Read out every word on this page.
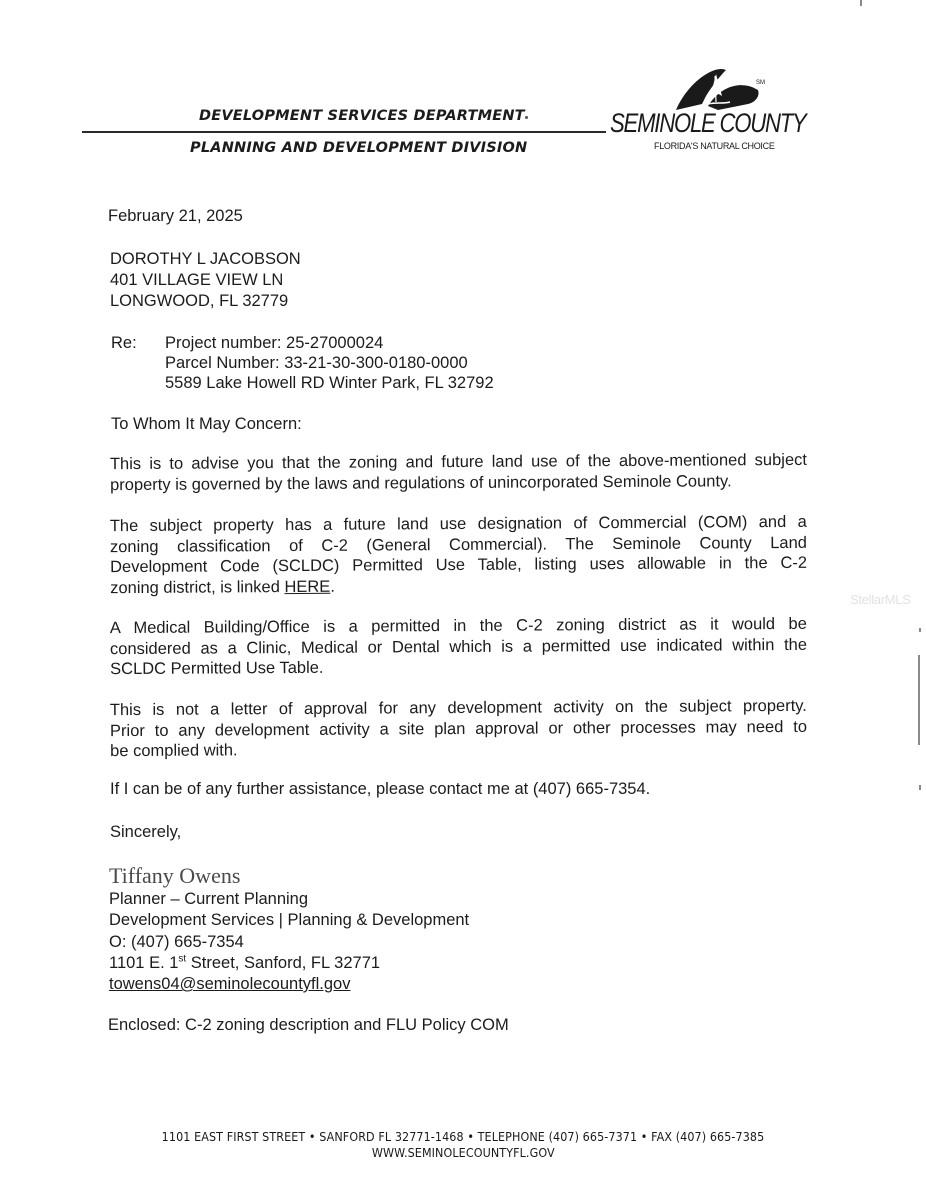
DEVELOPMENT SERVICES DEPARTMENT
PLANNING AND DEVELOPMENT DIVISION
SM
SEMINOLE COUNTY
FLORIDA'S NATURAL CHOICE
February 21, 2025
DOROTHY L JACOBSON
401 VILLAGE VIEW LN
LONGWOOD, FL 32779
Re: Project number: 25-27000024
Parcel Number: 33-21-30-300-0180-0000
5589 Lake Howell RD Winter Park, FL 32792
To Whom It May Concern:
This is to advise you that the zoning and future land use of the above-mentioned subject
property is governed by the laws and regulations of unincorporated Seminole County.
The subject property has a future land use designation of Commercial (COM) and a
zoning classification of C-2 (General Commercial). The Seminole County Land
Development Code (SCLDC) Permitted Use Table, listing uses allowable in the C-2
zoning district, is linked HERE.
A Medical Building/Office is a permitted in the C-2 zoning district as it would be
considered as a Clinic, Medical or Dental which is a permitted use indicated within the
SCLDC Permitted Use Table.
This is not a letter of approval for any development activity on the subject property.
Prior to any development activity a site plan approval or other processes may need to
be complied with.
If I can be of any further assistance, please contact me at (407) 665-7354.
Sincerely,
Tiffany Owens
Planner – Current Planning
Development Services | Planning & Development
O: (407) 665-7354
1101 E. 1st Street, Sanford, FL 32771
towens04@seminolecountyfl.gov
Enclosed: C-2 zoning description and FLU Policy COM
1101 EAST FIRST STREET • SANFORD FL 32771-1468 • TELEPHONE (407) 665-7371 • FAX (407) 665-7385
WWW.SEMINOLECOUNTYFL.GOV
StellarMLS
